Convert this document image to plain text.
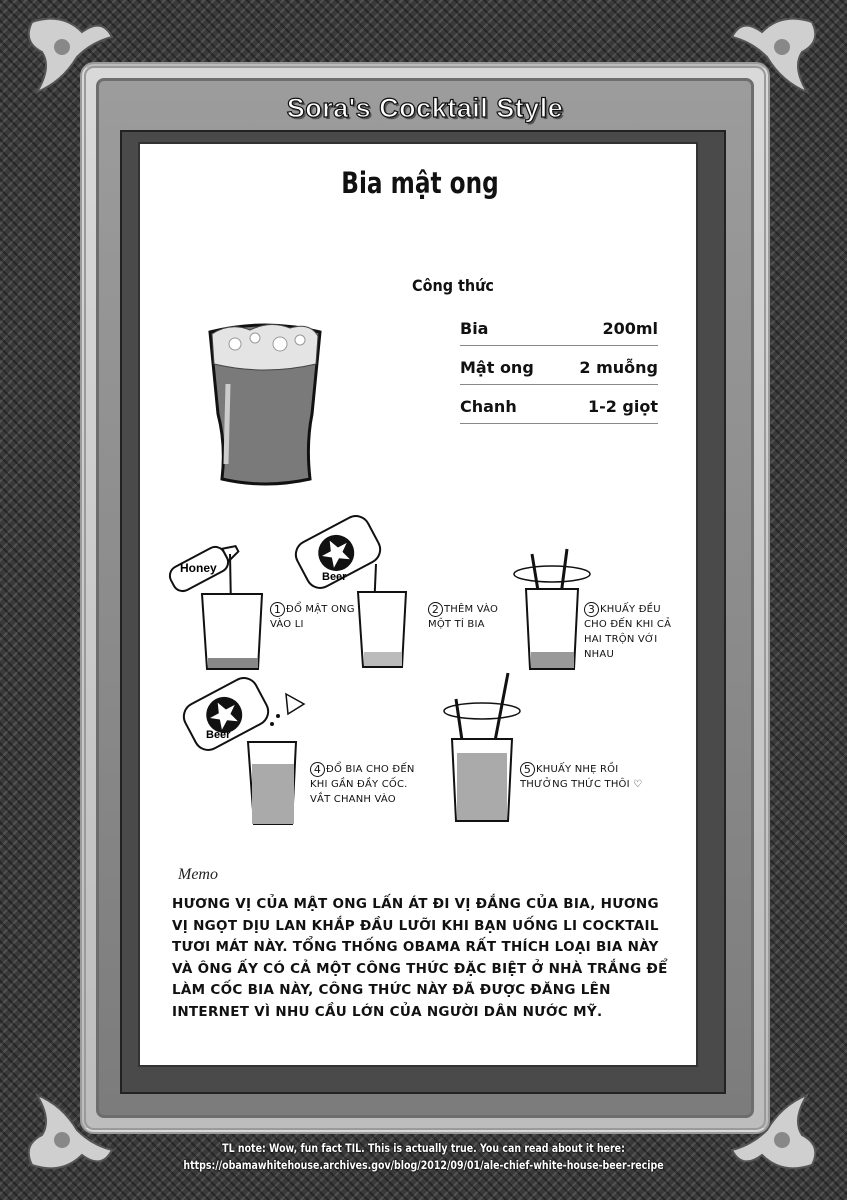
Sora's Cocktail Style
Bia mật ong
Công thức
Bia	200ml
Mật ong	2 muỗng
Chanh	1-2 giọt
Honey
1 ĐỔ MẬT ONG VÀO LI
Beer
2 THÊM VÀO MỘT TÍ BIA
3 KHUẤY ĐỀU CHO ĐẾN KHI CẢ HAI TRỘN VỚI NHAU
Beer
4 ĐỔ BIA CHO ĐẾN KHI GẦN ĐẦY CỐC. VẮT CHANH VÀO
5 KHUẤY NHẸ RỒI THƯỞNG THỨC THÔI ♡
Memo
HƯƠNG VỊ CỦA MẬT ONG LẤN ÁT ĐI VỊ ĐẮNG CỦA BIA, HƯƠNG VỊ NGỌT DỊU LAN KHẮP ĐẦU LƯỠI KHI BẠN UỐNG LI COCKTAIL TƯƠI MÁT NÀY. TỔNG THỐNG OBAMA RẤT THÍCH LOẠI BIA NÀY VÀ ÔNG ẤY CÓ CẢ MỘT CÔNG THỨC ĐẶC BIỆT Ở NHÀ TRẮNG ĐỂ LÀM CỐC BIA NÀY, CÔNG THỨC NÀY ĐÃ ĐƯỢC ĐĂNG LÊN INTERNET VÌ NHU CẦU LỚN CỦA NGƯỜI DÂN NƯỚC MỸ.
TL note: Wow, fun fact TIL. This is actually true. You can read about it here:
https://obamawhitehouse.archives.gov/blog/2012/09/01/ale-chief-white-house-beer-recipe
